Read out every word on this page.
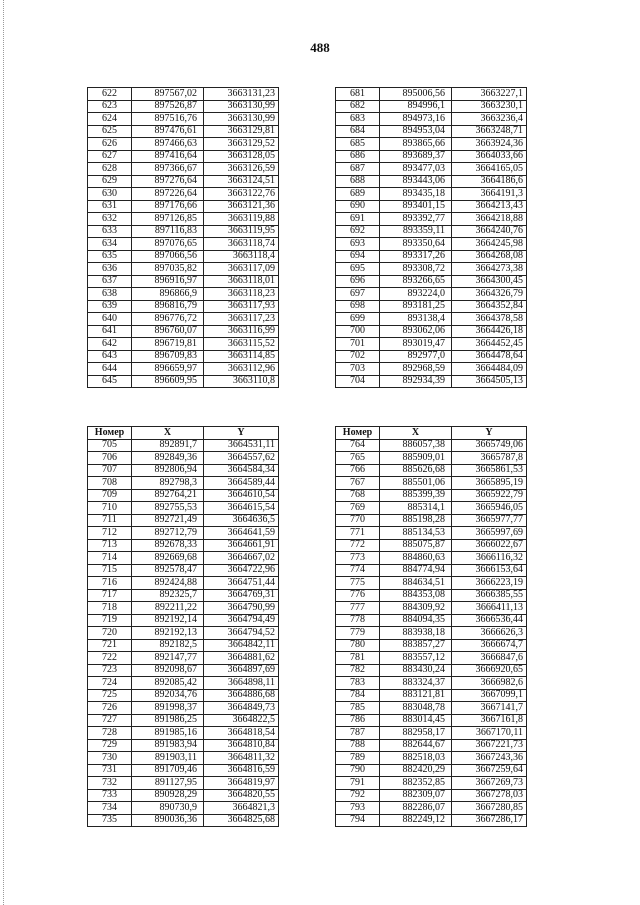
488
622	897567,02	3663131,23
623	897526,87	3663130,99
624	897516,76	3663130,99
625	897476,61	3663129,81
626	897466,63	3663129,52
627	897416,64	3663128,05
628	897366,67	3663126,59
629	897276,64	3663124,51
630	897226,64	3663122,76
631	897176,66	3663121,36
632	897126,85	3663119,88
633	897116,83	3663119,95
634	897076,65	3663118,74
635	897066,56	3663118,4
636	897035,82	3663117,09
637	896916,97	3663118,01
638	896866,9	3663118,23
639	896816,79	3663117,93
640	896776,72	3663117,23
641	896760,07	3663116,99
642	896719,81	3663115,52
643	896709,83	3663114,85
644	896659,97	3663112,96
645	896609,95	3663110,8
681	895006,56	3663227,1
682	894996,1	3663230,1
683	894973,16	3663236,4
684	894953,04	3663248,71
685	893865,66	3663924,36
686	893689,37	3664033,66
687	893477,03	3664165,05
688	893443,06	3664186,6
689	893435,18	3664191,3
690	893401,15	3664213,43
691	893392,77	3664218,88
692	893359,11	3664240,76
693	893350,64	3664245,98
694	893317,26	3664268,08
695	893308,72	3664273,38
696	893266,65	3664300,45
697	893224,0	3664326,79
698	893181,25	3664352,84
699	893138,4	3664378,58
700	893062,06	3664426,18
701	893019,47	3664452,45
702	892977,0	3664478,64
703	892968,59	3664484,09
704	892934,39	3664505,13
Номер	X	Y
705	892891,7	3664531,11
706	892849,36	3664557,62
707	892806,94	3664584,34
708	892798,3	3664589,44
709	892764,21	3664610,54
710	892755,53	3664615,54
711	892721,49	3664636,5
712	892712,79	3664641,59
713	892678,33	3664661,91
714	892669,68	3664667,02
715	892578,47	3664722,96
716	892424,88	3664751,44
717	892325,7	3664769,31
718	892211,22	3664790,99
719	892192,14	3664794,49
720	892192,13	3664794,52
721	892182,5	3664842,11
722	892147,77	3664881,62
723	892098,67	3664897,69
724	892085,42	3664898,11
725	892034,76	3664886,68
726	891998,37	3664849,73
727	891986,25	3664822,5
728	891985,16	3664818,54
729	891983,94	3664810,84
730	891903,11	3664811,32
731	891709,46	3664816,59
732	891127,95	3664819,97
733	890928,29	3664820,55
734	890730,9	3664821,3
735	890036,36	3664825,68
Номер	X	Y
764	886057,38	3665749,06
765	885909,01	3665787,8
766	885626,68	3665861,53
767	885501,06	3665895,19
768	885399,39	3665922,79
769	885314,1	3665946,05
770	885198,28	3665977,77
771	885134,53	3665997,69
772	885075,87	3666022,67
773	884860,63	3666116,32
774	884774,94	3666153,64
775	884634,51	3666223,19
776	884353,08	3666385,55
777	884309,92	3666411,13
778	884094,35	3666536,44
779	883938,18	3666626,3
780	883857,27	3666674,7
781	883557,12	3666847,6
782	883430,24	3666920,65
783	883324,37	3666982,6
784	883121,81	3667099,1
785	883048,78	3667141,7
786	883014,45	3667161,8
787	882958,17	3667170,11
788	882644,67	3667221,73
789	882518,03	3667243,36
790	882420,29	3667259,64
791	882352,85	3667269,73
792	882309,07	3667278,03
793	882286,07	3667280,85
794	882249,12	3667286,17
